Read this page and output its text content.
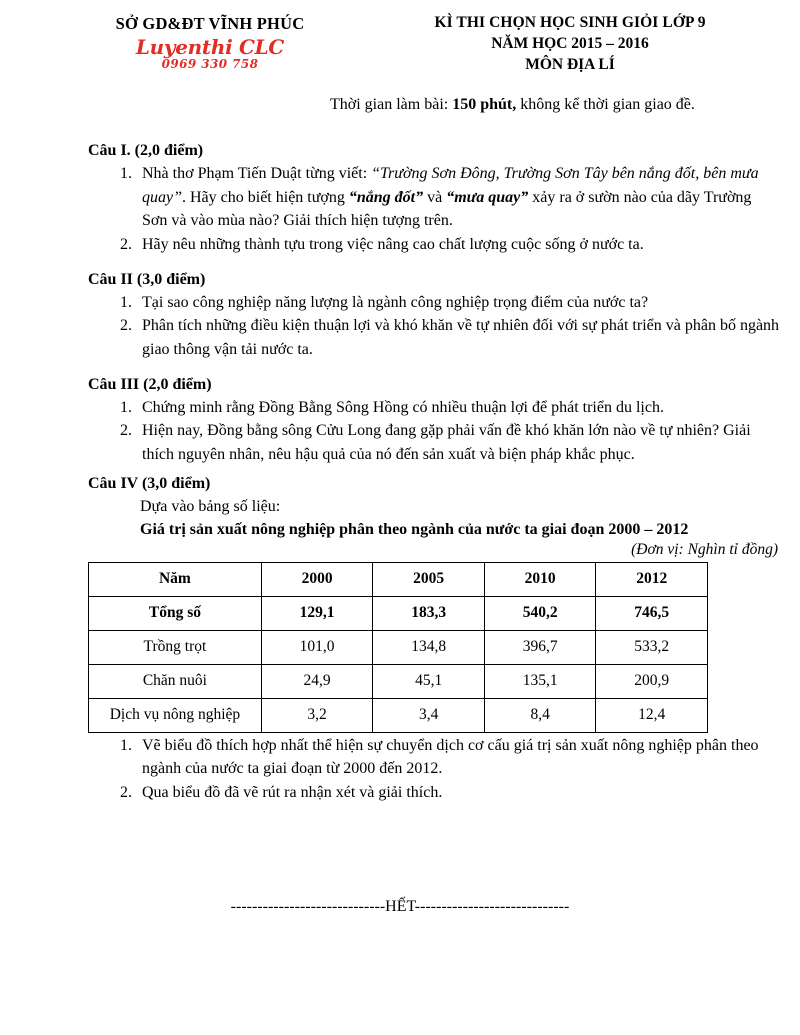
SỞ GD&ĐT VĨNH PHÚC
Luyenthi CLC
0969 330 758
KÌ THI CHỌN HỌC SINH GIỎI LỚP 9
NĂM HỌC 2015 – 2016
MÔN ĐỊA LÍ
Thời gian làm bài: 150 phút, không kể thời gian giao đề.
Câu I. (2,0 điểm)
1. Nhà thơ Phạm Tiến Duật từng viết: “Trường Sơn Đông, Trường Sơn Tây bên nắng đốt, bên mưa quay”. Hãy cho biết hiện tượng “nắng đốt” và “mưa quay” xảy ra ở sườn nào của dãy Trường Sơn và vào mùa nào? Giải thích hiện tượng trên.
2. Hãy nêu những thành tựu trong việc nâng cao chất lượng cuộc sống ở nước ta.
Câu II (3,0 điểm)
1. Tại sao công nghiệp năng lượng là ngành công nghiệp trọng điểm của nước ta?
2. Phân tích những điều kiện thuận lợi và khó khăn về tự nhiên đối với sự phát triển và phân bố ngành giao thông vận tải nước ta.
Câu III (2,0 điểm)
1. Chứng minh rằng Đồng Bằng Sông Hồng có nhiều thuận lợi để phát triển du lịch.
2. Hiện nay, Đồng bằng sông Cửu Long đang gặp phải vấn đề khó khăn lớn nào về tự nhiên? Giải thích nguyên nhân, nêu hậu quả của nó đến sản xuất và biện pháp khắc phục.
Câu IV (3,0 điểm)
Dựa vào bảng số liệu:
Giá trị sản xuất nông nghiệp phân theo ngành của nước ta giai đoạn 2000 – 2012
(Đơn vị: Nghìn tỉ đồng)
Năm	2000	2005	2010	2012
Tổng số	129,1	183,3	540,2	746,5
Trồng trọt	101,0	134,8	396,7	533,2
Chăn nuôi	24,9	45,1	135,1	200,9
Dịch vụ nông nghiệp	3,2	3,4	8,4	12,4
1. Vẽ biểu đồ thích hợp nhất thể hiện sự chuyển dịch cơ cấu giá trị sản xuất nông nghiệp phân theo ngành của nước ta giai đoạn từ 2000 đến 2012.
2. Qua biểu đồ đã vẽ rút ra nhận xét và giải thích.
-----------------------------HẾT-----------------------------
